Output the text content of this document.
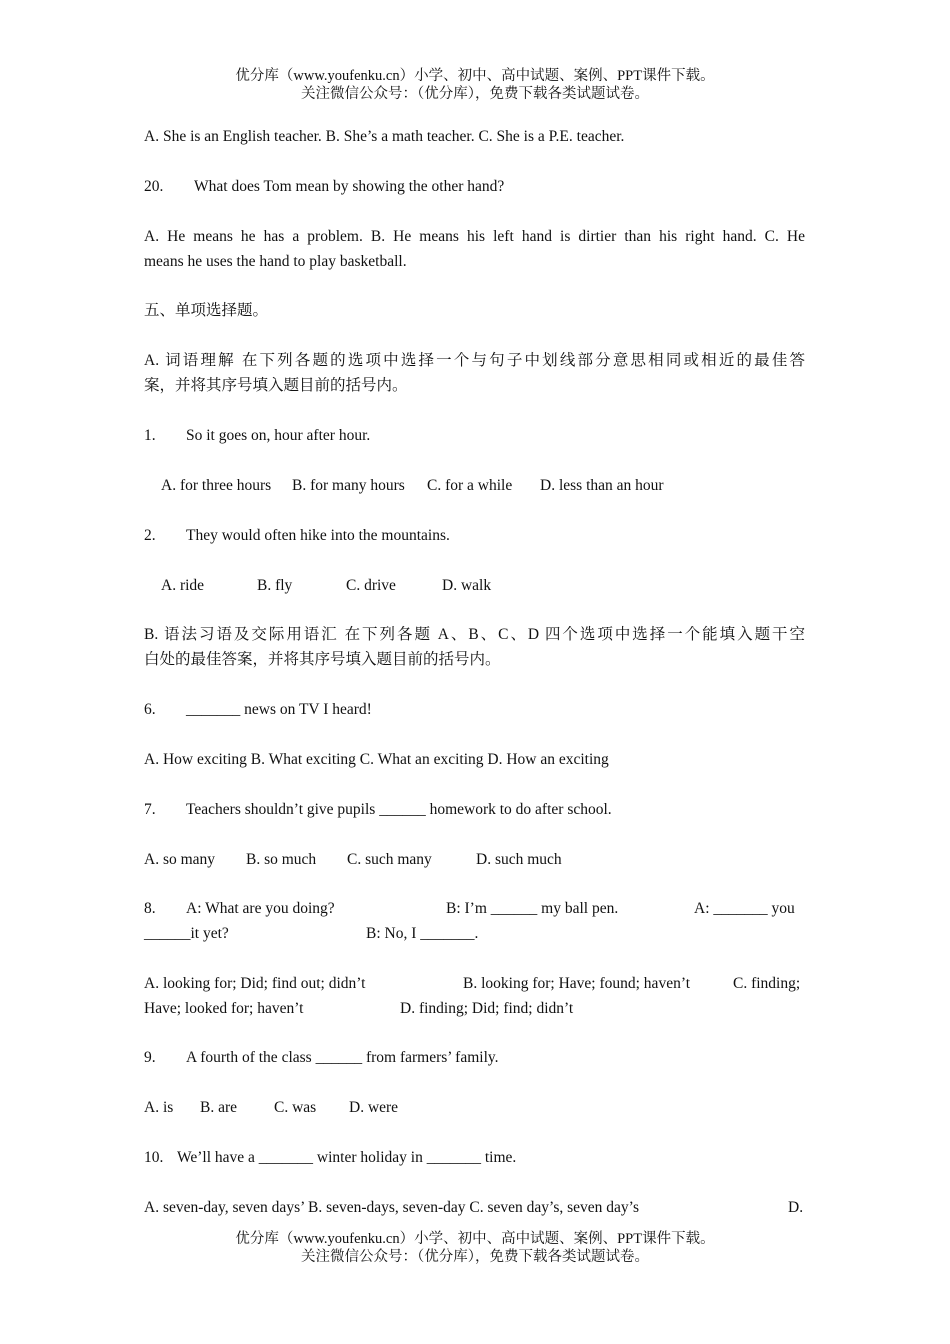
优分库（www.youfenku.cn）小学、初中、高中试题、案例、PPT课件下载。
关注微信公众号：（优分库），免费下载各类试题试卷。
A. She is an English teacher. B. She’s a math teacher. C. She is a P.E. teacher.
20. What does Tom mean by showing the other hand?
A. He means he has a problem. B. He means his left hand is dirtier than his right hand. C. He
means he uses the hand to play basketball.
五、单项选择题。
A. 词语理解 在下列各题的选项中选择一个与句子中划线部分意思相同或相近的最佳答
案，并将其序号填入题目前的括号内。
1. So it goes on, hour after hour.
A. for three hours B. for many hours C. for a while D. less than an hour
2. They would often hike into the mountains.
A. ride	B. fly	C. drive	D. walk
B. 语法习语及交际用语汇 在下列各题 A、B、C、D 四个选项中选择一个能填入题干空
白处的最佳答案，并将其序号填入题目前的括号内。
6. _______ news on TV I heard!
A. How exciting B. What exciting C. What an exciting D. How an exciting
7. Teachers shouldn’t give pupils ______ homework to do after school.
A. so many B. so much C. such many	D. such much
8. A: What are you doing?	B: I’m ______ my ball pen.	A: _______ you
______it yet?	B: No, I _______.
A. looking for; Did; find out; didn’t	B. looking for; Have; found; haven’t	C. finding;
Have; looked for; haven’t	D. finding; Did; find; didn’t
9. A fourth of the class ______ from farmers’ family.
A. is B. are C. was D. were
10. We’ll have a _______ winter holiday in _______ time.
A. seven-day, seven days’ B. seven-days, seven-day C. seven day’s, seven day’s	D.
优分库（www.youfenku.cn）小学、初中、高中试题、案例、PPT课件下载。
关注微信公众号：（优分库），免费下载各类试题试卷。
